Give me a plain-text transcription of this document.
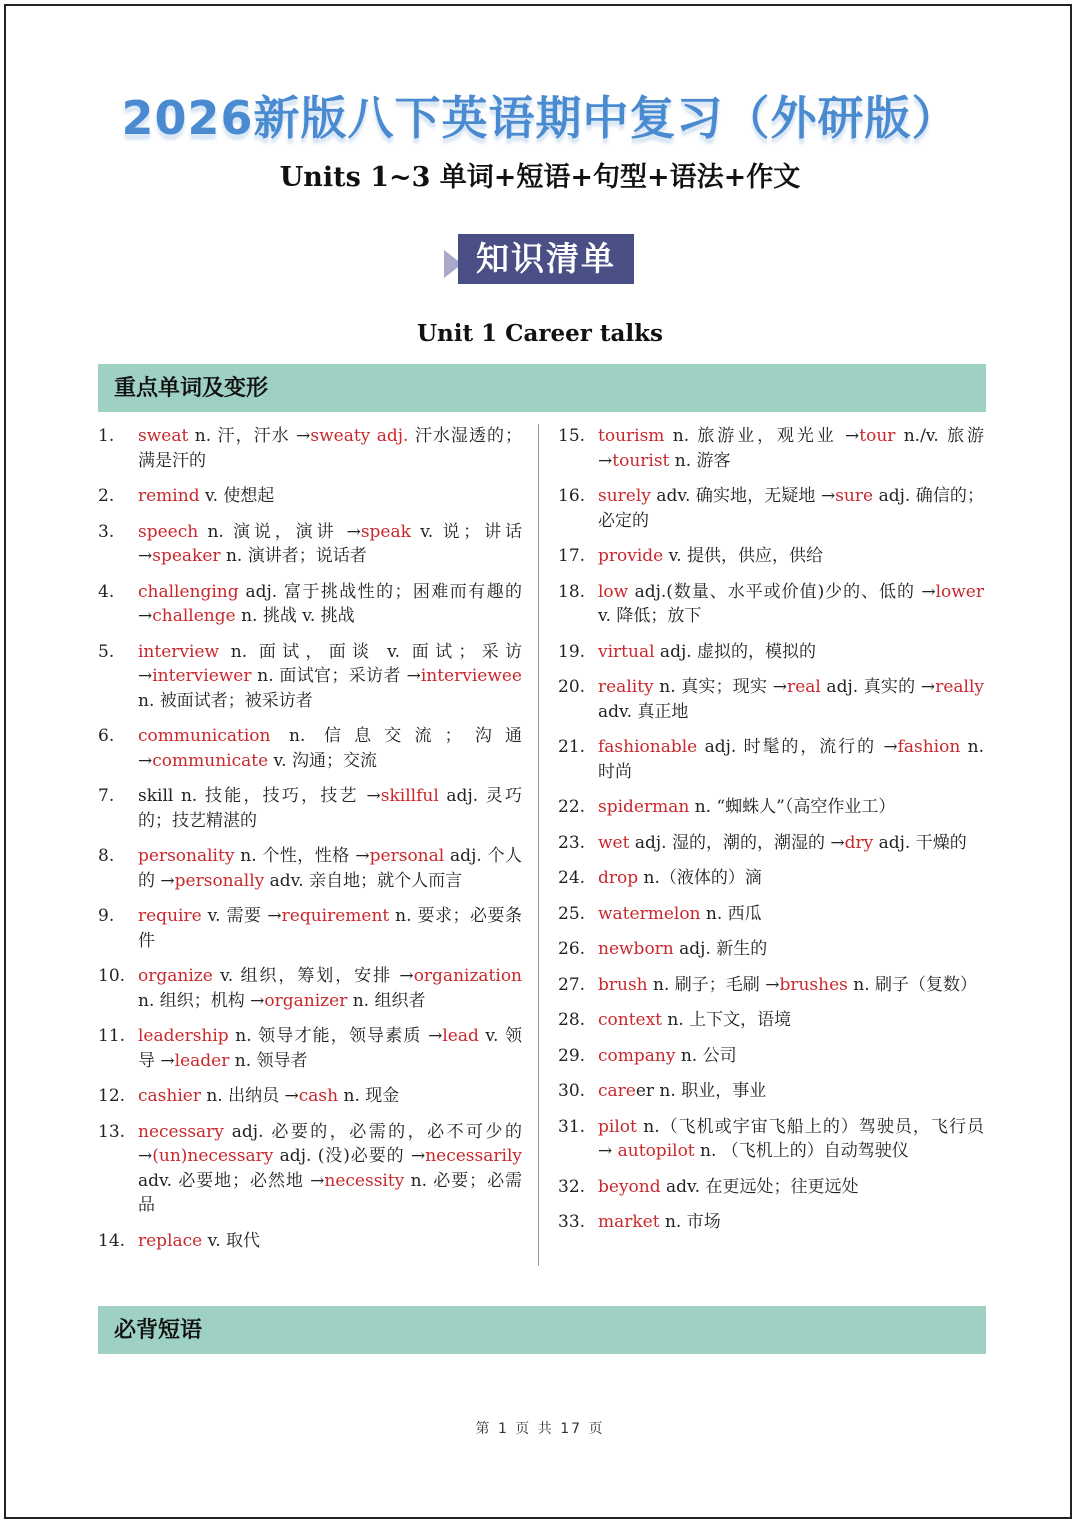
2026新版八下英语期中复习（外研版）
Units 1~3 单词+短语+句型+语法+作文
知识清单
Unit 1 Career talks
重点单词及变形
1. sweat n. 汗，汗水 →sweaty adj. 汗水湿透的；满是汗的
2. remind v. 使想起
3. speech n. 演说，演讲 →speak v. 说；讲话 →speaker n. 演讲者；说话者
4. challenging adj. 富于挑战性的；困难而有趣的 →challenge n. 挑战 v. 挑战
5. interview n. 面试，面谈 v. 面试；采访 →interviewer n. 面试官；采访者 →interviewee n. 被面试者；被采访者
6. communication n. 信息交流；沟通 →communicate v. 沟通；交流
7. skill n. 技能，技巧，技艺 →skillful adj. 灵巧的；技艺精湛的
8. personality n. 个性，性格 →personal adj. 个人的 →personally adv. 亲自地；就个人而言
9. require v. 需要 →requirement n. 要求；必要条件
10. organize v. 组织，筹划，安排 →organization n. 组织；机构 →organizer n. 组织者
11. leadership n. 领导才能，领导素质 →lead v. 领导 →leader n. 领导者
12. cashier n. 出纳员 →cash n. 现金
13. necessary adj. 必要的，必需的，必不可少的 →(un)necessary adj. (没)必要的 →necessarily adv. 必要地；必然地 →necessity n. 必要；必需品
14. replace v. 取代
15. tourism n. 旅游业，观光业 →tour n./v. 旅游 →tourist n. 游客
16. surely adv. 确实地，无疑地 →sure adj. 确信的；必定的
17. provide v. 提供，供应，供给
18. low adj.(数量、水平或价值)少的、低的 →lower v. 降低；放下
19. virtual adj. 虚拟的，模拟的
20. reality n. 真实；现实 →real adj. 真实的 →really adv. 真正地
21. fashionable adj. 时髦的，流行的 →fashion n. 时尚
22. spiderman n. “蜘蛛人”（高空作业工）
23. wet adj. 湿的，潮的，潮湿的 →dry adj. 干燥的
24. drop n.（液体的）滴
25. watermelon n. 西瓜
26. newborn adj. 新生的
27. brush n. 刷子；毛刷 →brushes n. 刷子（复数）
28. context n. 上下文，语境
29. company n. 公司
30. career n. 职业，事业
31. pilot n.（飞机或宇宙飞船上的）驾驶员，飞行员 → autopilot n. （飞机上的）自动驾驶仪
32. beyond adv. 在更远处；往更远处
33. market n. 市场
必背短语
第 1 页 共 17 页
